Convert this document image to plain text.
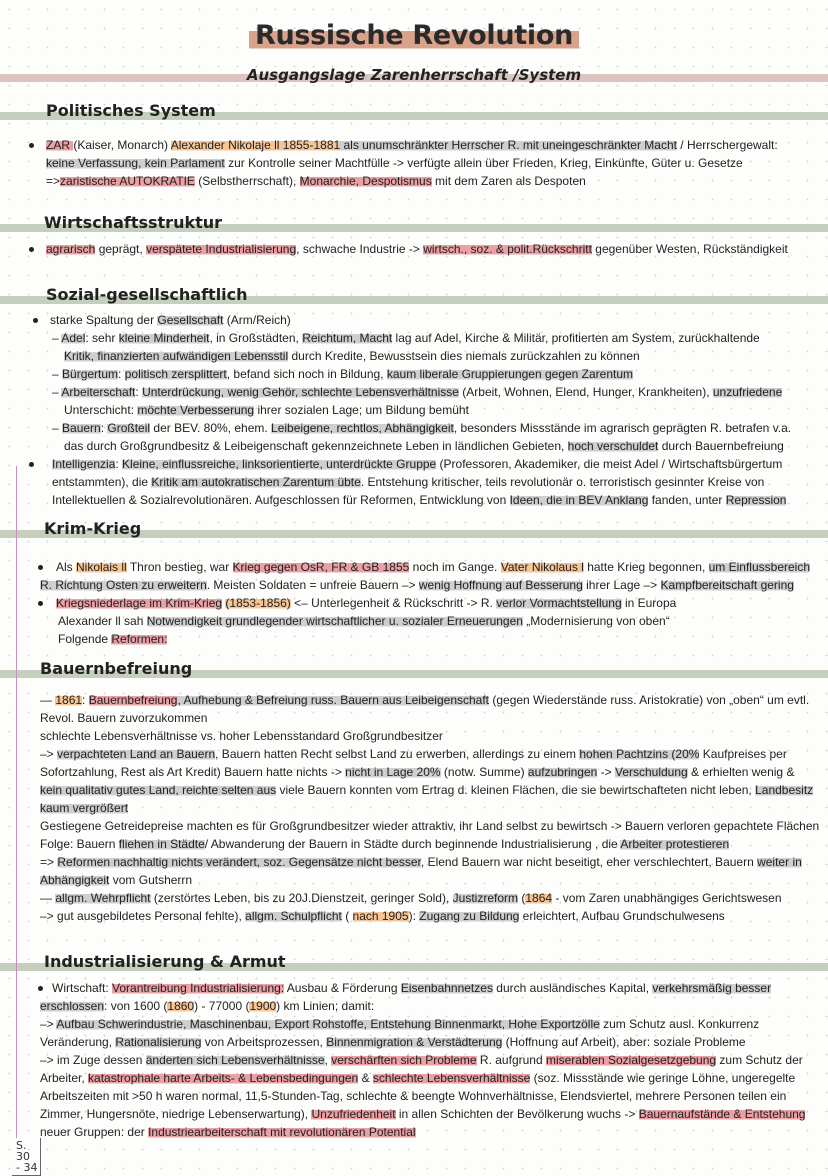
Russische Revolution
Ausgangslage Zarenherrschaft /System
Politisches System
Wirtschaftsstruktur
Sozial-gesellschaftlich
Krim-Krieg
Bauernbefreiung
Industrialisierung & Armut
ZAR (Kaiser, Monarch) Alexander Nikolaje ll 1855-1881 als unumschränkter Herrscher R. mit uneingeschränkter Macht / Herrschergewalt:
keine Verfassung, kein Parlament zur Kontrolle seiner Machtfülle -> verfügte allein über Frieden, Krieg, Einkünfte, Güter u. Gesetze
=>zaristische AUTOKRATIE (Selbstherrschaft), Monarchie, Despotismus mit dem Zaren als Despoten
agrarisch geprägt, verspätete Industrialisierung, schwache Industrie -> wirtsch., soz. & polit.Rückschritt gegenüber Westen, Rückständigkeit
starke Spaltung der Gesellschaft (Arm/Reich)
– Adel: sehr kleine Minderheit, in Großstädten, Reichtum, Macht lag auf Adel, Kirche & Militär, profitierten am System, zurückhaltende
Kritik, finanzierten aufwändigen Lebensstil durch Kredite, Bewusstsein dies niemals zurückzahlen zu können
– Bürgertum: politisch zersplittert, befand sich noch in Bildung, kaum liberale Gruppierungen gegen Zarentum
– Arbeiterschaft: Unterdrückung, wenig Gehör, schlechte Lebensverhältnisse (Arbeit, Wohnen, Elend, Hunger, Krankheiten), unzufriedene
Unterschicht: möchte Verbesserung ihrer sozialen Lage; um Bildung bemüht
– Bauern: Großteil der BEV. 80%, ehem. Leibeigene, rechtlos, Abhängigkeit, besonders Missstände im agrarisch geprägten R. betrafen v.a.
das durch Großgrundbesitz & Leibeigenschaft gekennzeichnete Leben in ländlichen Gebieten, hoch verschuldet durch Bauernbefreiung
Intelligenzia: Kleine, einflussreiche, linksorientierte, unterdrückte Gruppe (Professoren, Akademiker, die meist Adel / Wirtschaftsbürgertum
entstammten), die Kritik am autokratischen Zarentum übte. Entstehung kritischer, teils revolutionär o. terroristisch gesinnter Kreise von
Intellektuellen & Sozialrevolutionären. Aufgeschlossen für Reformen, Entwicklung von Ideen, die in BEV Anklang fanden, unter Repression
Als Nikolais ll Thron bestieg, war Krieg gegen OsR, FR & GB 1855 noch im Gange. Vater Nikolaus l hatte Krieg begonnen, um Einflussbereich
R. Richtung Osten zu erweitern. Meisten Soldaten = unfreie Bauern –> wenig Hoffnung auf Besserung ihrer Lage –> Kampfbereitschaft gering
Kriegsniederlage im Krim-Krieg (1853-1856) <– Unterlegenheit & Rückschritt -> R. verlor Vormachtstellung in Europa
Alexander ll sah Notwendigkeit grundlegender wirtschaftlicher u. sozialer Erneuerungen „Modernisierung von oben“
Folgende Reformen:
— 1861: Bauernbefreiung, Aufhebung & Befreiung russ. Bauern aus Leibeigenschaft (gegen Wiederstände russ. Aristokratie) von „oben“ um evtl.
Revol. Bauern zuvorzukommen
schlechte Lebensverhältnisse vs. hoher Lebensstandard Großgrundbesitzer
–> verpachteten Land an Bauern, Bauern hatten Recht selbst Land zu erwerben, allerdings zu einem hohen Pachtzins (20% Kaufpreises per
Sofortzahlung, Rest als Art Kredit) Bauern hatte nichts -> nicht in Lage 20% (notw. Summe) aufzubringen -> Verschuldung & erhielten wenig &
kein qualitativ gutes Land, reichte selten aus viele Bauern konnten vom Ertrag d. kleinen Flächen, die sie bewirtschafteten nicht leben, Landbesitz
kaum vergrößert
Gestiegene Getreidepreise machten es für Großgrundbesitzer wieder attraktiv, ihr Land selbst zu bewirtsch -> Bauern verloren gepachtete Flächen
Folge: Bauern fliehen in Städte/ Abwanderung der Bauern in Städte durch beginnende Industrialisierung , die Arbeiter protestieren
=> Reformen nachhaltig nichts verändert, soz. Gegensätze nicht besser, Elend Bauern war nicht beseitigt, eher verschlechtert, Bauern weiter in
Abhängigkeit vom Gutsherrn
— allgm. Wehrpflicht (zerstörtes Leben, bis zu 20J.Dienstzeit, geringer Sold), Justizreform (1864 - vom Zaren unabhängiges Gerichtswesen
–> gut ausgebildetes Personal fehlte), allgm. Schulpflicht ( nach 1905): Zugang zu Bildung erleichtert, Aufbau Grundschulwesens
Wirtschaft: Vorantreibung Industrialisierung: Ausbau & Förderung Eisenbahnnetzes durch ausländisches Kapital, verkehrsmäßig besser
erschlossen: von 1600 (1860) - 77000 (1900) km Linien; damit:
–> Aufbau Schwerindustrie, Maschinenbau, Export Rohstoffe, Entstehung Binnenmarkt, Hohe Exportzölle zum Schutz ausl. Konkurrenz
Veränderung, Rationalisierung von Arbeitsprozessen, Binnenmigration & Verstädterung (Hoffnung auf Arbeit), aber: soziale Probleme
–> im Zuge dessen änderten sich Lebensverhältnisse, verschärften sich Probleme R. aufgrund miserablen Sozialgesetzgebung zum Schutz der
Arbeiter, katastrophale harte Arbeits- & Lebensbedingungen & schlechte Lebensverhältnisse (soz. Missstände wie geringe Löhne, ungeregelte
Arbeitszeiten mit >50 h waren normal, 11,5-Stunden-Tag, schlechte & beengte Wohnverhältnisse, Elendsviertel, mehrere Personen teilen ein
Zimmer, Hungersnöte, niedrige Lebenserwartung), Unzufriedenheit in allen Schichten der Bevölkerung wuchs -> Bauernaufstände & Entstehung
neuer Gruppen: der Industriearbeiterschaft mit revolutionären Potential
S. 30
- 34
